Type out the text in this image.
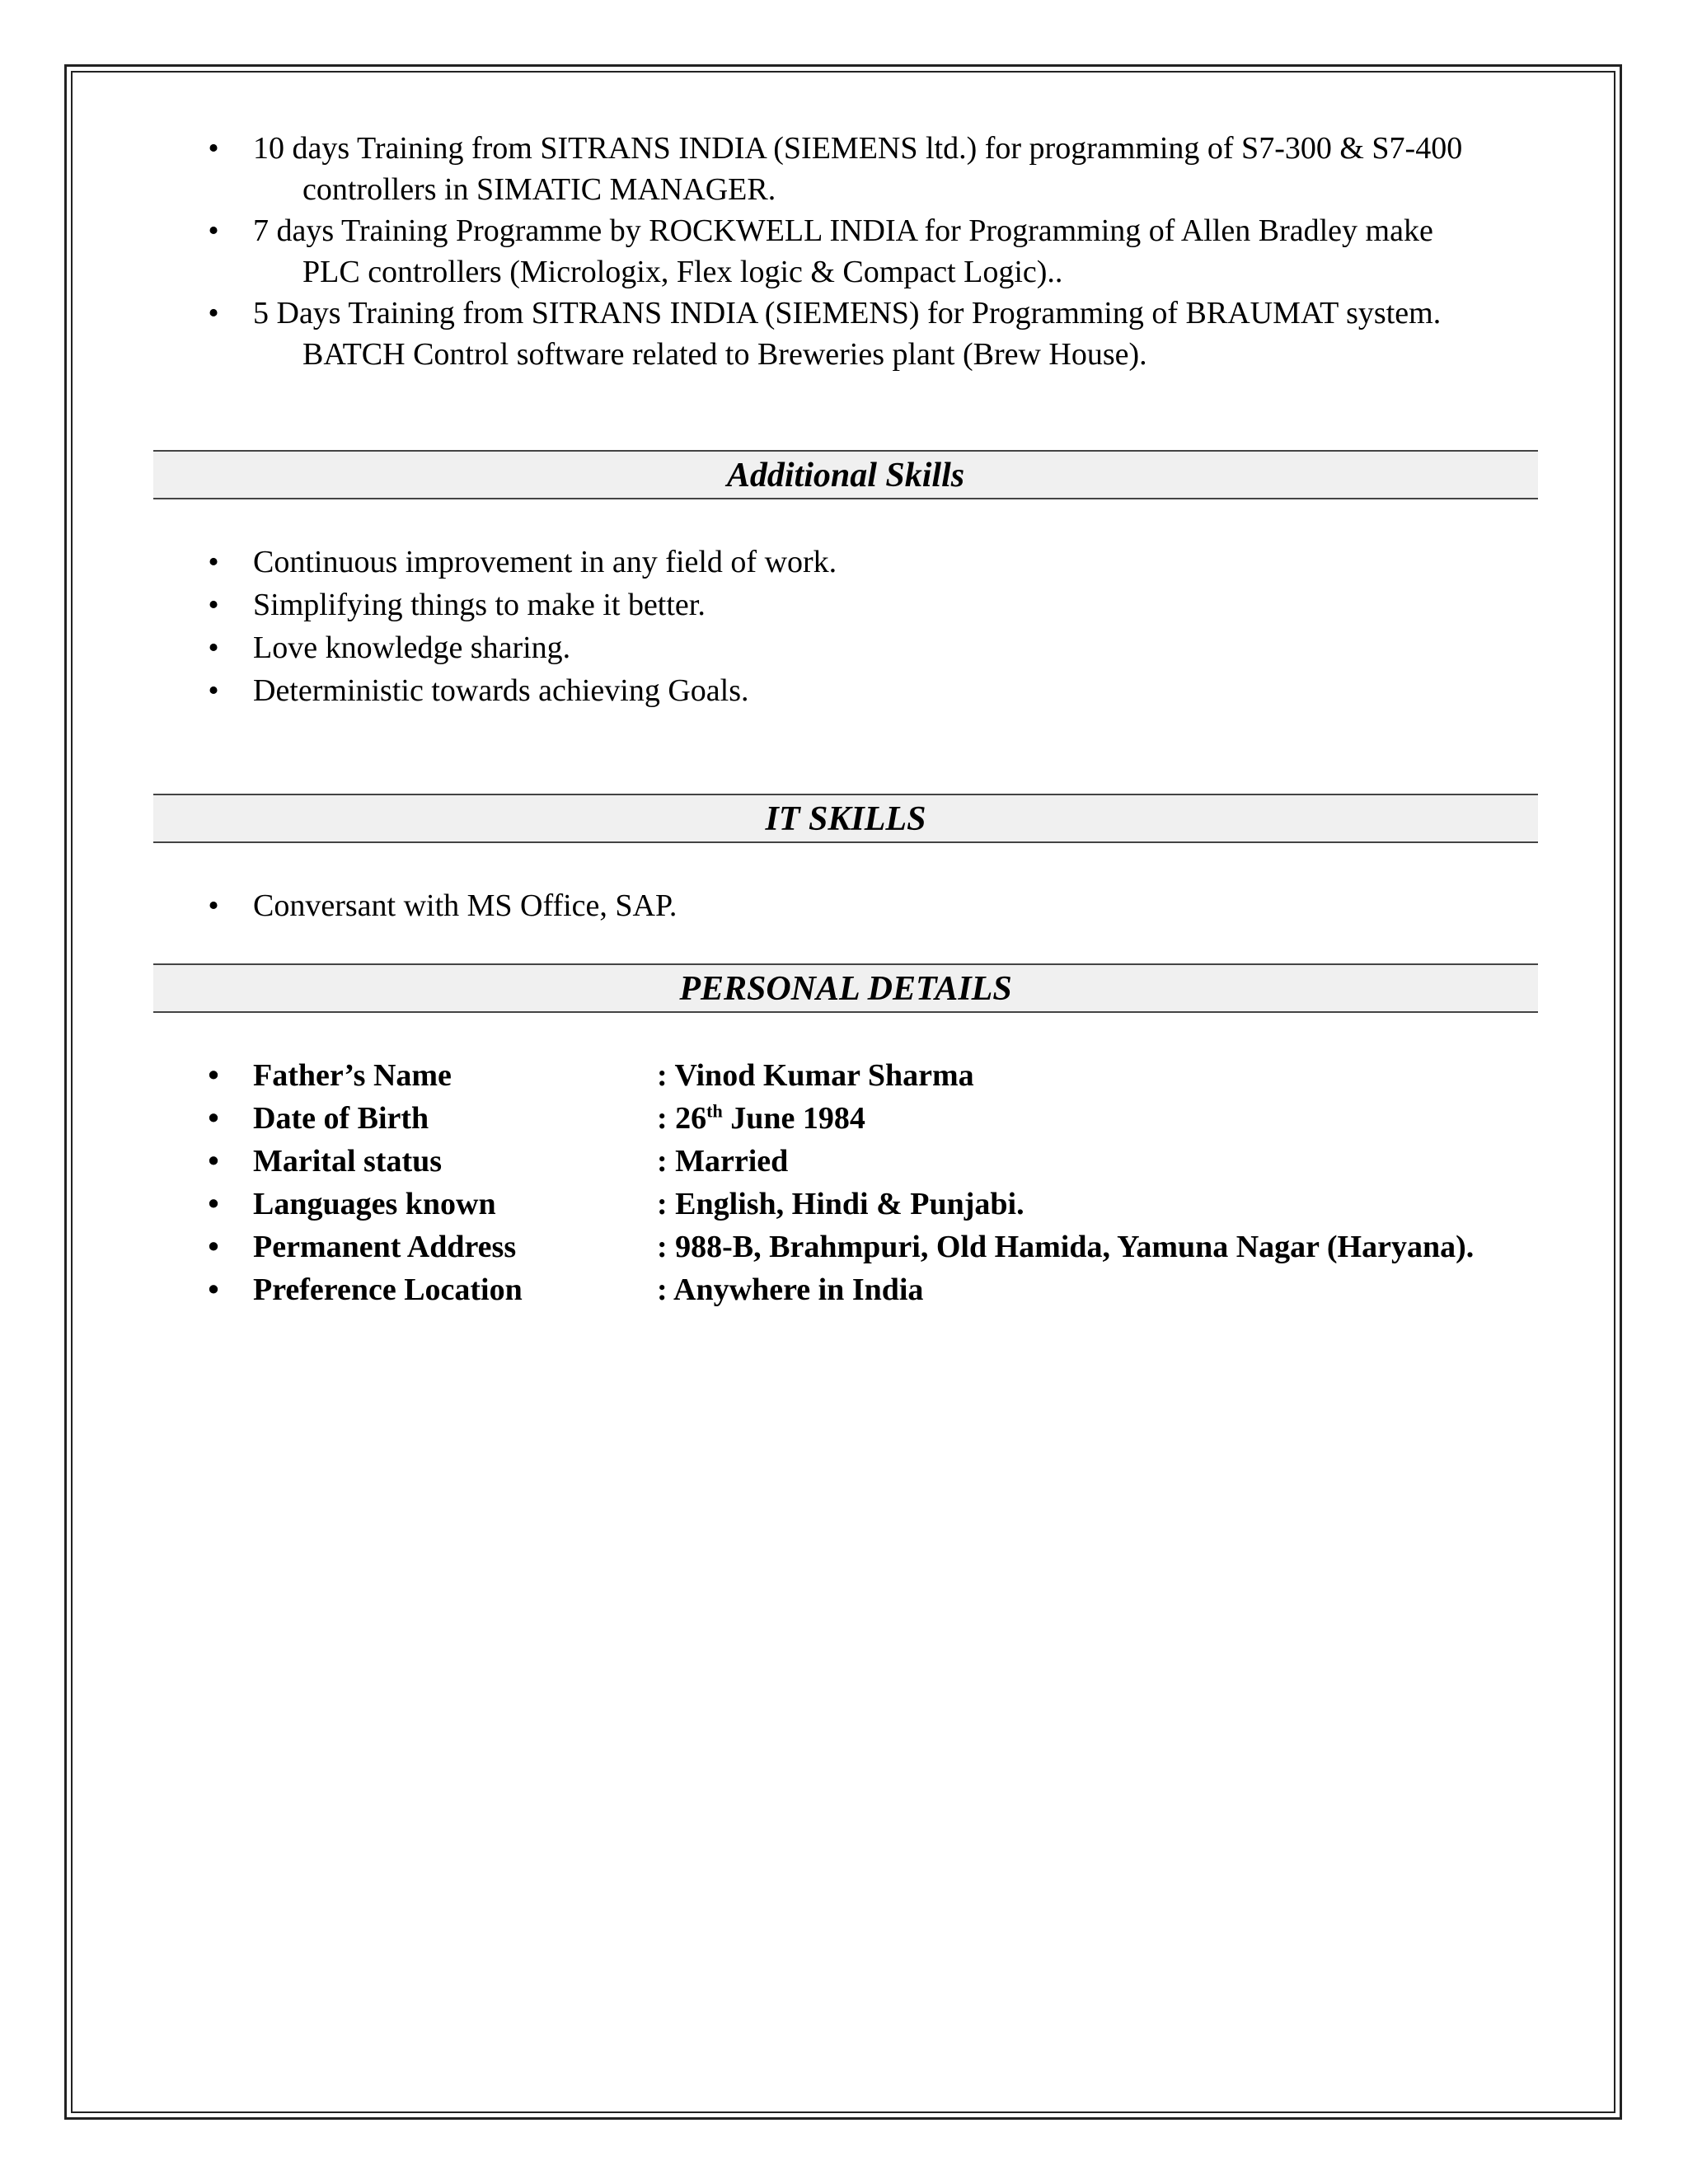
• 10 days Training from SITRANS INDIA (SIEMENS ltd.) for programming of S7-300 & S7-400
controllers in SIMATIC MANAGER.
• 7 days Training Programme by ROCKWELL INDIA for Programming of Allen Bradley make
PLC controllers (Micrologix, Flex logic & Compact Logic)..
• 5 Days Training from SITRANS INDIA (SIEMENS) for Programming of BRAUMAT system.
BATCH Control software related to Breweries plant (Brew House).
Additional Skills
• Continuous improvement in any field of work.
• Simplifying things to make it better.
• Love knowledge sharing.
• Deterministic towards achieving Goals.
IT SKILLS
• Conversant with MS Office, SAP.
PERSONAL DETAILS
• Father’s Name	: Vinod Kumar Sharma
• Date of Birth	: 26th June 1984
• Marital status	: Married
• Languages known	: English, Hindi & Punjabi.
• Permanent Address	: 988-B, Brahmpuri, Old Hamida, Yamuna Nagar (Haryana).
• Preference Location	: Anywhere in India
